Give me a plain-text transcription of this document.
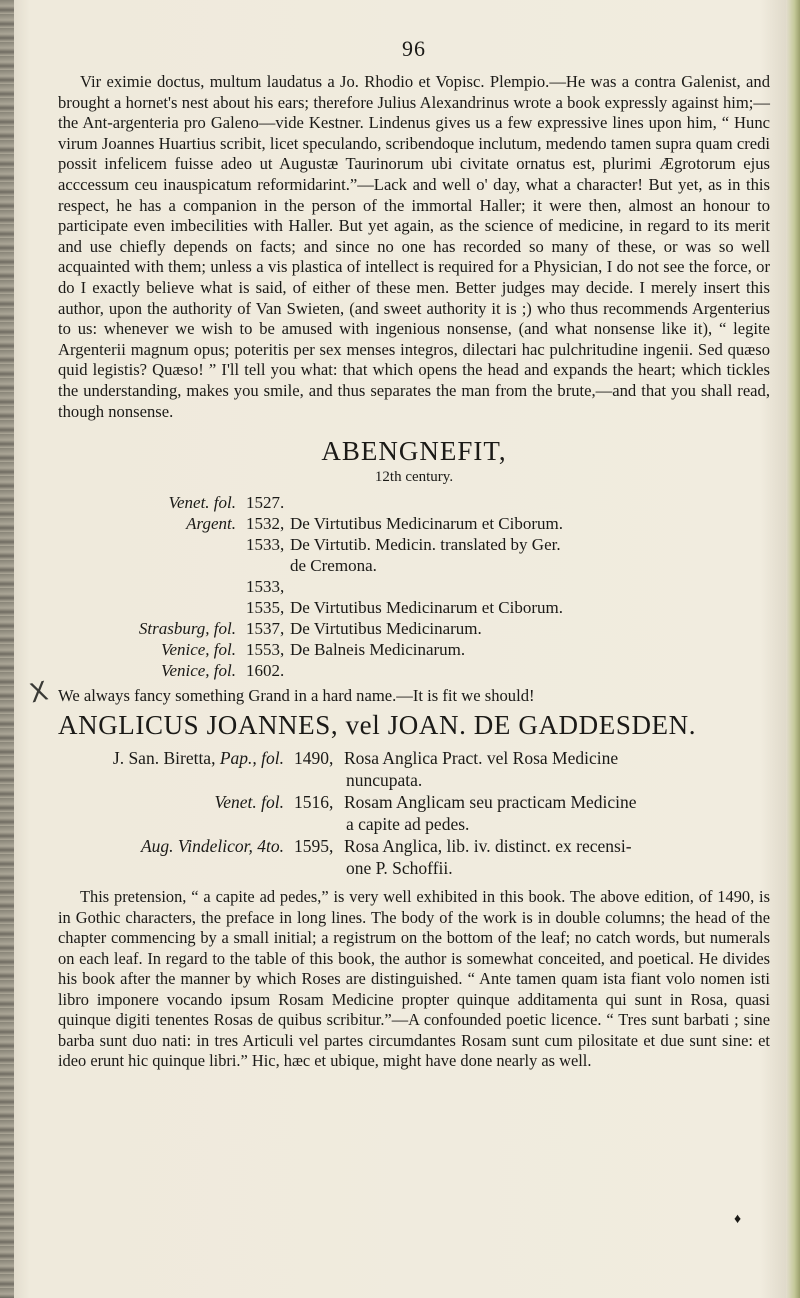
X
96

Vir eximie doctus, multum laudatus a Jo. Rhodio et Vopisc. Plempio.—He was a contra Galenist, and brought a hornet's nest about his ears; therefore Julius Alexandrinus wrote a book expressly against him;—the Ant-argenteria pro Galeno—vide Kestner. Lindenus gives us a few expressive lines upon him, “ Hunc virum Joannes Huartius scribit, licet speculando, scribendoque inclutum, medendo tamen supra quam credi possit infelicem fuisse adeo ut Augustæ Taurinorum ubi civitate ornatus est, plurimi Ægrotorum ejus acccessum ceu inauspicatum reformidarint.”—Lack and well o' day, what a character! But yet, as in this respect, he has a companion in the person of the immortal Haller; it were then, almost an honour to participate even imbecilities with Haller. But yet again, as the science of medicine, in regard to its merit and use chiefly depends on facts; and since no one has recorded so many of these, or was so well acquainted with them; unless a vis plastica of intellect is required for a Physician, I do not see the force, or do I exactly believe what is said, of either of these men. Better judges may decide. I merely insert this author, upon the authority of Van Swieten, (and sweet authority it is ;) who thus recommends Argenterius to us: whenever we wish to be amused with ingenious nonsense, (and what nonsense like it), “ legite Argenterii magnum opus; poteritis per sex menses integros, dilectari hac pulchritudine ingenii. Sed quæso quid legistis? Quæso! ” I'll tell you what: that which opens the head and expands the heart; which tickles the understanding, makes you smile, and thus separates the man from the brute,—and that you shall read, though nonsense.

ABENGNEFIT,
12th century.
Venet. fol. 1527.
Argent. 1532, De Virtutibus Medicinarum et Ciborum.
1533, De Virtutib. Medicin. translated by Ger.
de Cremona.
1533,
1535, De Virtutibus Medicinarum et Ciborum.
Strasburg, fol. 1537, De Virtutibus Medicinarum.
Venice, fol. 1553, De Balneis Medicinarum.
Venice, fol. 1602.

We always fancy something Grand in a hard name.—It is fit we should!

ANGLICUS JOANNES, vel JOAN. DE GADDESDEN.
J. San. Biretta, Pap., fol. 1490, Rosa Anglica Pract. vel Rosa Medicine
nuncupata.
Venet. fol. 1516, Rosam Anglicam seu practicam Medicine
a capite ad pedes.
Aug. Vindelicor, 4to. 1595, Rosa Anglica, lib. iv. distinct. ex recensi-
one P. Schoffii.

This pretension, “ a capite ad pedes,” is very well exhibited in this book. The above edition, of 1490, is in Gothic characters, the preface in long lines. The body of the work is in double columns; the head of the chapter commencing by a small initial; a registrum on the bottom of the leaf; no catch words, but numerals on each leaf. In regard to the table of this book, the author is somewhat conceited, and poetical. He divides his book after the manner by which Roses are distinguished. “ Ante tamen quam ista fiant volo nomen isti libro imponere vocando ipsum Rosam Medicine propter quinque additamenta qui sunt in Rosa, quasi quinque digiti tenentes Rosas de quibus scribitur.”—A confounded poetic licence. “ Tres sunt barbati ; sine barba sunt duo nati: in tres Articuli vel partes circumdantes Rosam sunt cum pilositate et due sunt sine: et ideo erunt hic quinque libri.” Hic, hæc et ubique, might have done nearly as well.

♦
